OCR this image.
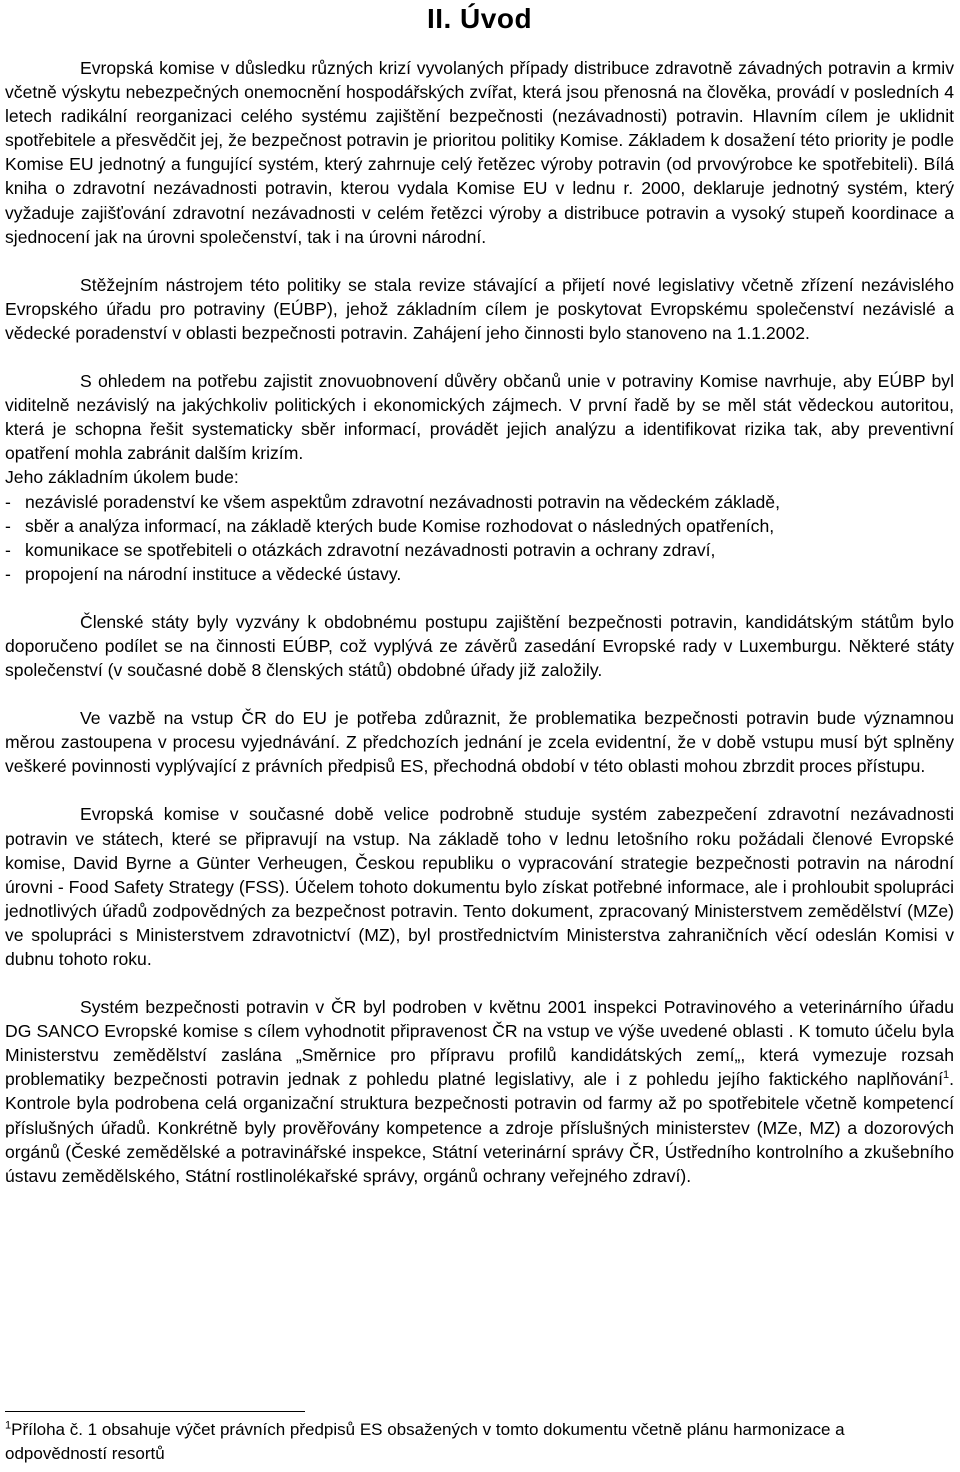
II. Úvod

Evropská komise v důsledku různých krizí vyvolaných případy distribuce zdravotně závadných potravin a krmiv včetně výskytu nebezpečných onemocnění hospodářských zvířat, která jsou přenosná na člověka, provádí v posledních 4 letech radikální reorganizaci celého systému zajištění bezpečnosti (nezávadnosti) potravin. Hlavním cílem je uklidnit spotřebitele a přesvědčit jej, že bezpečnost potravin je prioritou politiky Komise. Základem k dosažení této priority je podle Komise EU jednotný a fungující systém, který zahrnuje celý řetězec výroby potravin (od prvovýrobce ke spotřebiteli). Bílá kniha o zdravotní nezávadnosti potravin, kterou vydala Komise EU v lednu r. 2000, deklaruje jednotný systém, který vyžaduje zajišťování zdravotní nezávadnosti v celém řetězci výroby a distribuce potravin a vysoký stupeň koordinace a sjednocení jak na úrovni společenství, tak i na úrovni národní.

Stěžejním nástrojem této politiky se stala revize stávající a přijetí nové legislativy včetně zřízení nezávislého Evropského úřadu pro potraviny (EÚBP), jehož základním cílem je poskytovat Evropskému společenství nezávislé a vědecké poradenství v oblasti bezpečnosti potravin. Zahájení jeho činnosti bylo stanoveno na 1.1.2002.

S ohledem na potřebu zajistit znovuobnovení důvěry občanů unie v potraviny Komise navrhuje, aby EÚBP byl viditelně nezávislý na jakýchkoliv politických i ekonomických zájmech. V první řadě by se měl stát vědeckou autoritou, která je schopna řešit systematicky sběr informací, provádět jejich analýzu a identifikovat rizika tak, aby preventivní opatření mohla zabránit dalším krizím.

Jeho základním úkolem bude:

- nezávislé poradenství ke všem aspektům zdravotní nezávadnosti potravin na vědeckém základě,
- sběr a analýza informací, na základě kterých bude Komise rozhodovat o následných opatřeních,
- komunikace se spotřebiteli o otázkách zdravotní nezávadnosti potravin a ochrany zdraví,
- propojení na národní instituce a vědecké ústavy.

Členské státy byly vyzvány k obdobnému postupu zajištění bezpečnosti potravin, kandidátským státům bylo doporučeno podílet se na činnosti EÚBP, což vyplývá ze závěrů zasedání Evropské rady v Luxemburgu. Některé státy společenství (v současné době 8 členských států) obdobné úřady již založily.

Ve vazbě na vstup ČR do EU je potřeba zdůraznit, že problematika bezpečnosti potravin bude významnou měrou zastoupena v procesu vyjednávání. Z předchozích jednání je zcela evidentní, že v době vstupu musí být splněny veškeré povinnosti vyplývající z právních předpisů ES, přechodná období v této oblasti mohou zbrzdit proces přístupu.

Evropská komise v současné době velice podrobně studuje systém zabezpečení zdravotní nezávadnosti potravin ve státech, které se připravují na vstup. Na základě toho v lednu letošního roku požádali členové Evropské komise, David Byrne a Günter Verheugen, Českou republiku o vypracování strategie bezpečnosti potravin na národní úrovni - Food Safety Strategy (FSS). Účelem tohoto dokumentu bylo získat potřebné informace, ale i prohloubit spolupráci jednotlivých úřadů zodpovědných za bezpečnost potravin. Tento dokument, zpracovaný Ministerstvem zemědělství (MZe) ve spolupráci s Ministerstvem zdravotnictví (MZ), byl prostřednictvím Ministerstva zahraničních věcí odeslán Komisi v dubnu tohoto roku.

Systém bezpečnosti potravin v ČR byl podroben v květnu 2001 inspekci Potravinového a veterinárního úřadu DG SANCO Evropské komise s cílem vyhodnotit připravenost ČR na vstup ve výše uvedené oblasti . K tomuto účelu byla Ministerstvu zemědělství zaslána „Směrnice pro přípravu profilů kandidátských zemí„, která vymezuje rozsah problematiky bezpečnosti potravin jednak z pohledu platné legislativy, ale i z pohledu jejího faktického naplňování$^1$. Kontrole byla podrobena celá organizační struktura bezpečnosti potravin od farmy až po spotřebitele včetně kompetencí příslušných úřadů. Konkrétně byly prověřovány kompetence a zdroje příslušných ministerstev (MZe, MZ) a dozorových orgánů (České zemědělské a potravinářské inspekce, Státní veterinární správy ČR, Ústředního kontrolního a zkušebního ústavu zemědělského, Státní rostlinolékařské správy, orgánů ochrany veřejného zdraví).

$^1$Příloha č. 1 obsahuje výčet právních předpisů ES obsažených v tomto dokumentu včetně plánu harmonizace a odpovědností resortů
